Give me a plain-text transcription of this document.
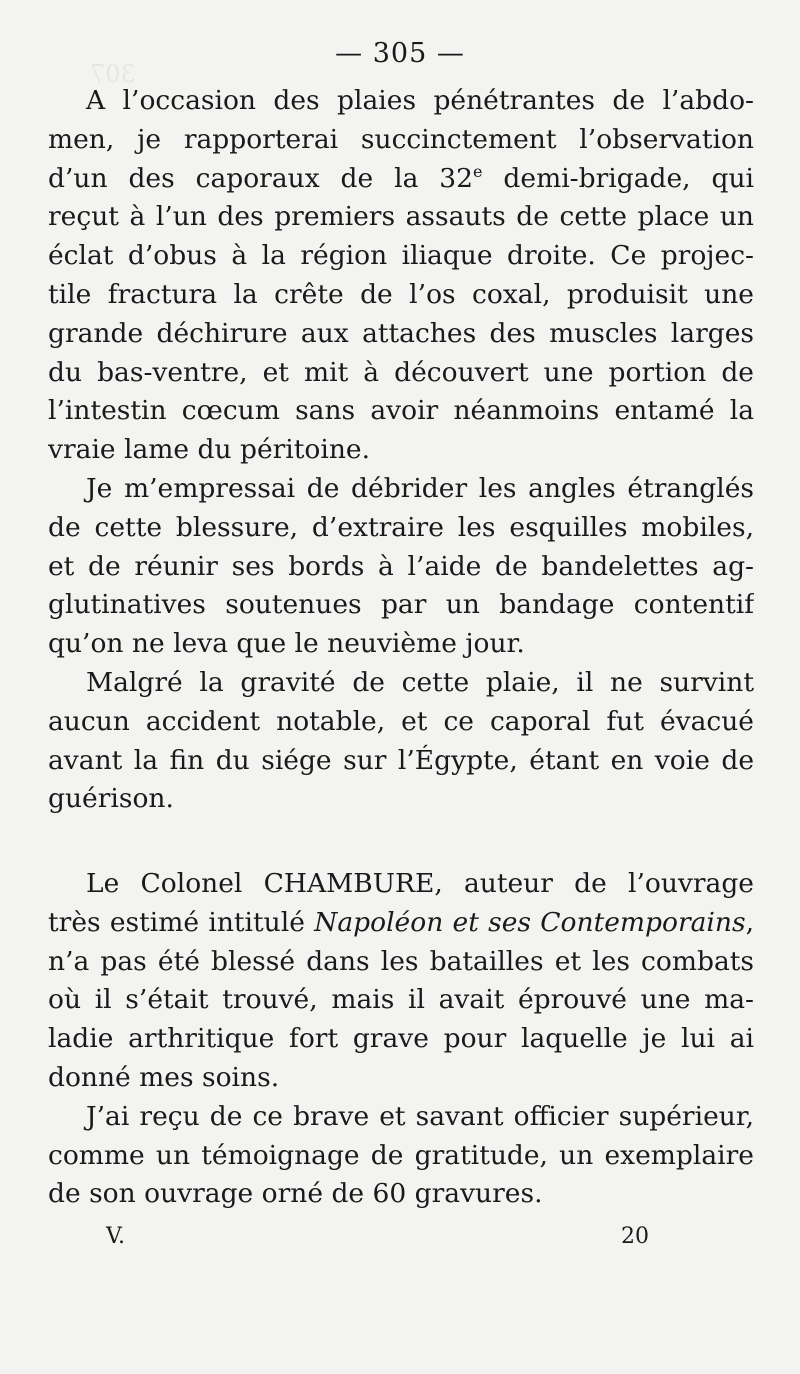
307
— 305 —
A l’occasion des plaies pénétrantes de l’abdo-
men, je rapporterai succinctement l’observation
d’un des caporaux de la 32e demi-brigade, qui
reçut à l’un des premiers assauts de cette place un
éclat d’obus à la région iliaque droite. Ce projec-
tile fractura la crête de l’os coxal, produisit une
grande déchirure aux attaches des muscles larges
du bas-ventre, et mit à découvert une portion de
l’intestin cœcum sans avoir néanmoins entamé la
vraie lame du péritoine.
Je m’empressai de débrider les angles étranglés
de cette blessure, d’extraire les esquilles mobiles,
et de réunir ses bords à l’aide de bandelettes ag-
glutinatives soutenues par un bandage contentif
qu’on ne leva que le neuvième jour.
Malgré la gravité de cette plaie, il ne survint
aucun accident notable, et ce caporal fut évacué
avant la fin du siége sur l’Égypte, étant en voie de
guérison.
Le Colonel CHAMBURE, auteur de l’ouvrage
très estimé intitulé Napoléon et ses Contemporains,
n’a pas été blessé dans les batailles et les combats
où il s’était trouvé, mais il avait éprouvé une ma-
ladie arthritique fort grave pour laquelle je lui ai
donné mes soins.
J’ai reçu de ce brave et savant officier supérieur,
comme un témoignage de gratitude, un exemplaire
de son ouvrage orné de 60 gravures.
V.	20
